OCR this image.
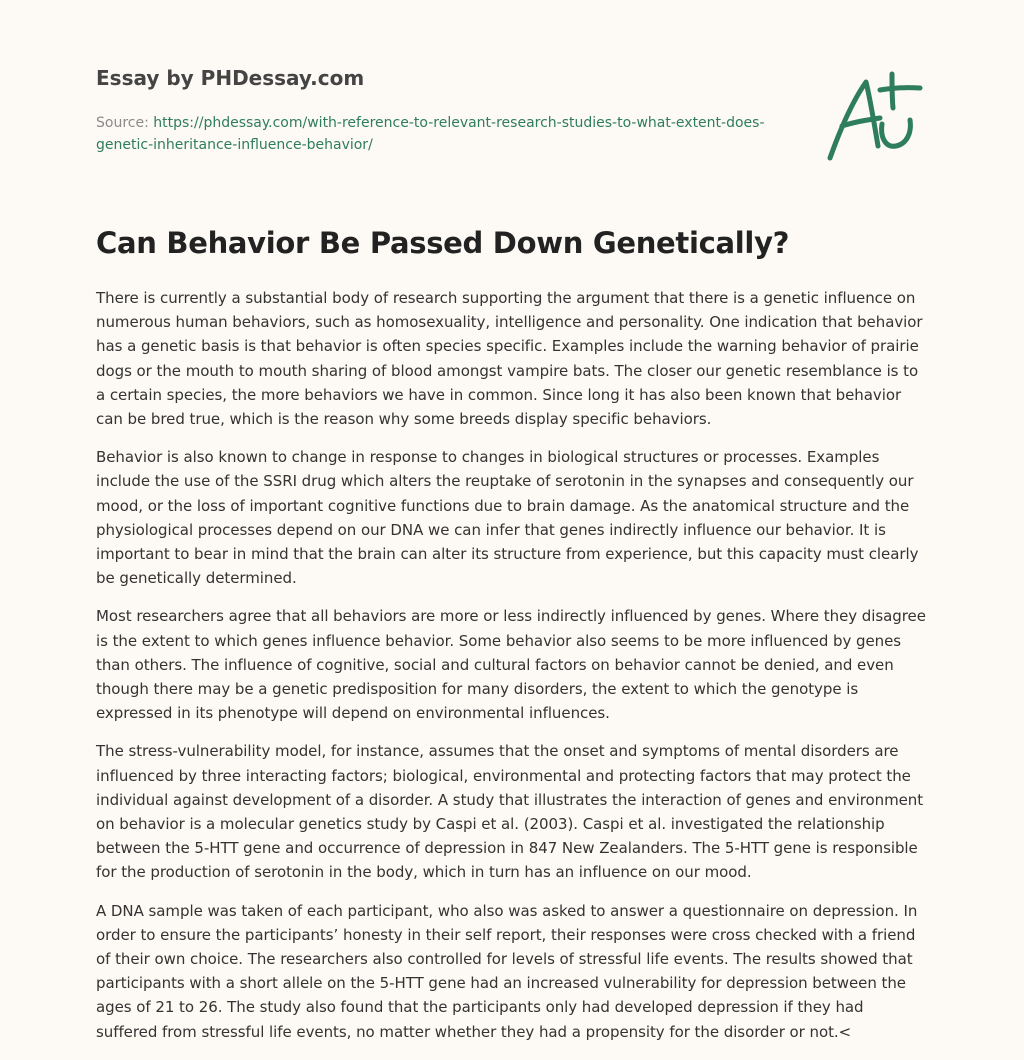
Essay by PHDessay.com
Source: https://phdessay.com/with-reference-to-relevant-research-studies-to-what-extent-does-genetic-inheritance-influence-behavior/
Can Behavior Be Passed Down Genetically?

There is currently a substantial body of research supporting the argument that there is a genetic influence on numerous human behaviors, such as homosexuality, intelligence and personality. One indication that behavior has a genetic basis is that behavior is often species specific. Examples include the warning behavior of prairie dogs or the mouth to mouth sharing of blood amongst vampire bats. The closer our genetic resemblance is to a certain species, the more behaviors we have in common. Since long it has also been known that behavior can be bred true, which is the reason why some breeds display specific behaviors.

Behavior is also known to change in response to changes in biological structures or processes. Examples include the use of the SSRI drug which alters the reuptake of serotonin in the synapses and consequently our mood, or the loss of important cognitive functions due to brain damage. As the anatomical structure and the physiological processes depend on our DNA we can infer that genes indirectly influence our behavior. It is important to bear in mind that the brain can alter its structure from experience, but this capacity must clearly be genetically determined.

Most researchers agree that all behaviors are more or less indirectly influenced by genes. Where they disagree is the extent to which genes influence behavior. Some behavior also seems to be more influenced by genes than others. The influence of cognitive, social and cultural factors on behavior cannot be denied, and even though there may be a genetic predisposition for many disorders, the extent to which the genotype is expressed in its phenotype will depend on environmental influences.

The stress-vulnerability model, for instance, assumes that the onset and symptoms of mental disorders are influenced by three interacting factors; biological, environmental and protecting factors that may protect the individual against development of a disorder. A study that illustrates the interaction of genes and environment on behavior is a molecular genetics study by Caspi et al. (2003). Caspi et al. investigated the relationship between the 5-HTT gene and occurrence of depression in 847 New Zealanders. The 5-HTT gene is responsible for the production of serotonin in the body, which in turn has an influence on our mood.

A DNA sample was taken of each participant, who also was asked to answer a questionnaire on depression. In order to ensure the participants’ honesty in their self report, their responses were cross checked with a friend of their own choice. The researchers also controlled for levels of stressful life events. The results showed that participants with a short allele on the 5-HTT gene had an increased vulnerability for depression between the ages of 21 to 26. The study also found that the participants only had developed depression if they had suffered from stressful life events, no matter whether they had a propensity for the disorder or not.<
